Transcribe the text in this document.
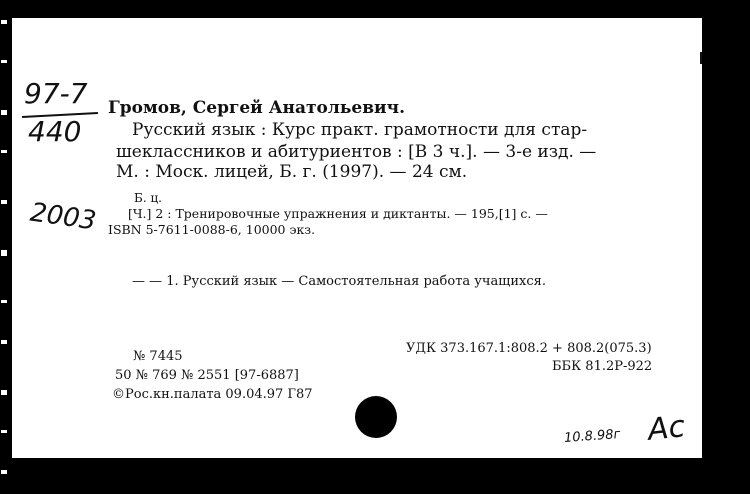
97-7
440
2003
Громов, Сергей Анатольевич.
Русский язык : Курс практ. грамотности для стар-
шеклассников и абитуриентов : [В 3 ч.]. — 3-е изд. —
М. : Моск. лицей, Б. г. (1997). — 24 см.
Б. ц.
[Ч.] 2 : Тренировочные упражнения и диктанты. — 195,[1] с. —
ISBN 5-7611-0088-6, 10000 экз.
— — 1. Русский язык — Самостоятельная работа учащихся.
УДК 373.167.1:808.2 + 808.2(075.3)
ББК 81.2Р-922
№ 7445
50 № 769 № 2551 [97-6887]
©Рос.кн.палата 09.04.97 Г87
10.8.98г Ас
